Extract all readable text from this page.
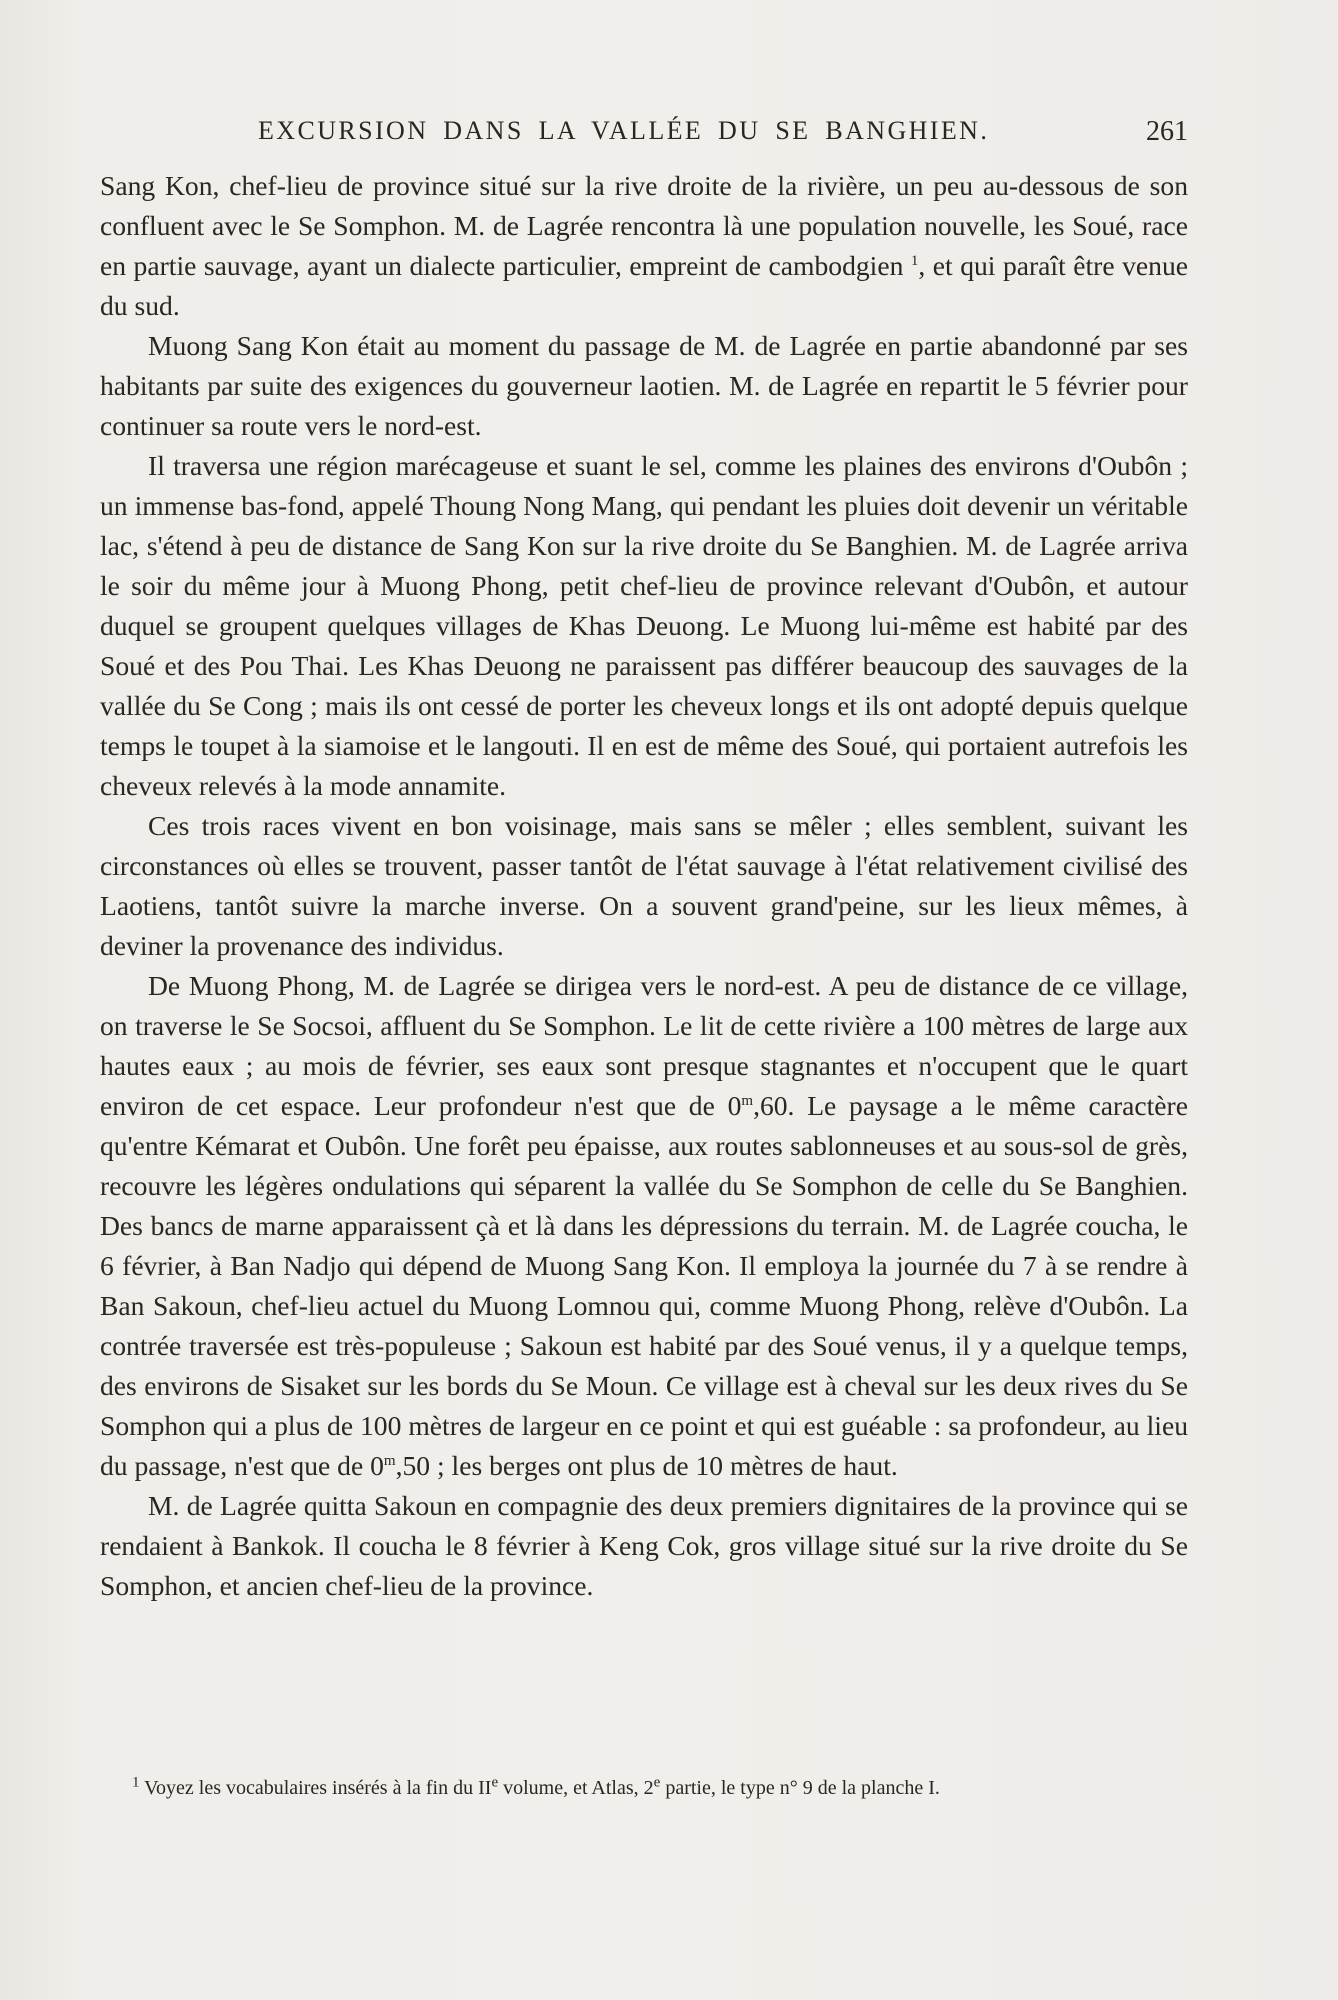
EXCURSION DANS LA VALLÉE DU SE BANGHIEN.	261

Sang Kon, chef-lieu de province situé sur la rive droite de la rivière, un peu au-dessous de son confluent avec le Se Somphon. M. de Lagrée rencontra là une population nouvelle, les Soué, race en partie sauvage, ayant un dialecte particulier, empreint de cambodgien $^1$, et qui paraît être venue du sud.

Muong Sang Kon était au moment du passage de M. de Lagrée en partie abandonné par ses habitants par suite des exigences du gouverneur laotien. M. de Lagrée en repartit le 5 février pour continuer sa route vers le nord-est.

Il traversa une région marécageuse et suant le sel, comme les plaines des environs d'Oubôn ; un immense bas-fond, appelé Thoung Nong Mang, qui pendant les pluies doit devenir un véritable lac, s'étend à peu de distance de Sang Kon sur la rive droite du Se Banghien. M. de Lagrée arriva le soir du même jour à Muong Phong, petit chef-lieu de province relevant d'Oubôn, et autour duquel se groupent quelques villages de Khas Deuong. Le Muong lui-même est habité par des Soué et des Pou Thai. Les Khas Deuong ne paraissent pas différer beaucoup des sauvages de la vallée du Se Cong ; mais ils ont cessé de porter les cheveux longs et ils ont adopté depuis quelque temps le toupet à la siamoise et le langouti. Il en est de même des Soué, qui portaient autrefois les cheveux relevés à la mode annamite.

Ces trois races vivent en bon voisinage, mais sans se mêler ; elles semblent, suivant les circonstances où elles se trouvent, passer tantôt de l'état sauvage à l'état relativement civilisé des Laotiens, tantôt suivre la marche inverse. On a souvent grand'peine, sur les lieux mêmes, à deviner la provenance des individus.

De Muong Phong, M. de Lagrée se dirigea vers le nord-est. A peu de distance de ce village, on traverse le Se Socsoi, affluent du Se Somphon. Le lit de cette rivière a 100 mètres de large aux hautes eaux ; au mois de février, ses eaux sont presque stagnantes et n'occupent que le quart environ de cet espace. Leur profondeur n'est que de 0$^m$,60. Le paysage a le même caractère qu'entre Kémarat et Oubôn. Une forêt peu épaisse, aux routes sablonneuses et au sous-sol de grès, recouvre les légères ondulations qui séparent la vallée du Se Somphon de celle du Se Banghien. Des bancs de marne apparaissent çà et là dans les dépressions du terrain. M. de Lagrée coucha, le 6 février, à Ban Nadjo qui dépend de Muong Sang Kon. Il employa la journée du 7 à se rendre à Ban Sakoun, chef-lieu actuel du Muong Lomnou qui, comme Muong Phong, relève d'Oubôn. La contrée traversée est très-populeuse ; Sakoun est habité par des Soué venus, il y a quelque temps, des environs de Sisaket sur les bords du Se Moun. Ce village est à cheval sur les deux rives du Se Somphon qui a plus de 100 mètres de largeur en ce point et qui est guéable : sa profondeur, au lieu du passage, n'est que de 0$^m$,50 ; les berges ont plus de 10 mètres de haut.

M. de Lagrée quitta Sakoun en compagnie des deux premiers dignitaires de la province qui se rendaient à Bankok. Il coucha le 8 février à Keng Cok, gros village situé sur la rive droite du Se Somphon, et ancien chef-lieu de la province.

$^1$ Voyez les vocabulaires insérés à la fin du IIe volume, et Atlas, 2e partie, le type n° 9 de la planche I.
